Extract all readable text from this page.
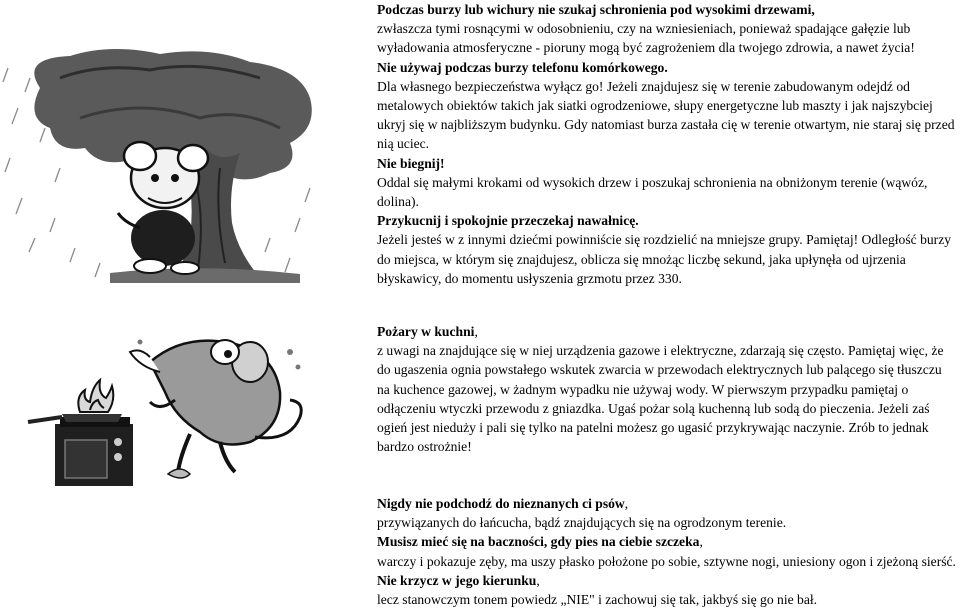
Podczas burzy lub wichury nie szukaj schronienia pod wysokimi drzewami,
zwłaszcza tymi rosnącymi w odosobnieniu, czy na wzniesieniach, ponieważ spadające gałęzie lub wyładowania atmosferyczne - pioruny mogą być zagrożeniem dla twojego zdrowia, a nawet życia!
Nie używaj podczas burzy telefonu komórkowego.
Dla własnego bezpieczeństwa wyłącz go! Jeżeli znajdujesz się w terenie zabudowanym odejdź od metalowych obiektów takich jak siatki ogrodzeniowe, słupy energetyczne lub maszty i jak najszybciej ukryj się w najbliższym budynku. Gdy natomiast burza zastała cię w terenie otwartym, nie staraj się przed nią uciec.
Nie biegnij!
Oddal się małymi krokami od wysokich drzew i poszukaj schronienia na obniżonym terenie (wąwóz, dolina).
Przykucnij i spokojnie przeczekaj nawałnicę.
Jeżeli jesteś w z innymi dziećmi powinniście się rozdzielić na mniejsze grupy. Pamiętaj! Odległość burzy do miejsca, w którym się znajdujesz, oblicza się mnożąc liczbę sekund, jaka upłynęła od ujrzenia błyskawicy, do momentu usłyszenia grzmotu przez 330.

Pożary w kuchni,
z uwagi na znajdujące się w niej urządzenia gazowe i elektryczne, zdarzają się często. Pamiętaj więc, że do ugaszenia ognia powstałego wskutek zwarcia w przewodach elektrycznych lub palącego się tłuszczu na kuchence gazowej, w żadnym wypadku nie używaj wody. W pierwszym przypadku pamiętaj o odłączeniu wtyczki przewodu z gniazdka. Ugaś pożar solą kuchenną lub sodą do pieczenia. Jeżeli zaś ogień jest nieduży i pali się tylko na patelni możesz go ugasić przykrywając naczynie. Zrób to jednak bardzo ostrożnie!

Nigdy nie podchodź do nieznanych ci psów,
przywiązanych do łańcucha, bądź znajdujących się na ogrodzonym terenie.
Musisz mieć się na baczności, gdy pies na ciebie szczeka,
warczy i pokazuje zęby, ma uszy płasko położone po sobie, sztywne nogi, uniesiony ogon i zjeżoną sierść. Nie krzycz w jego kierunku,
lecz stanowczym tonem powiedz „NIE" i zachowuj się tak, jakbyś się go nie bał.
